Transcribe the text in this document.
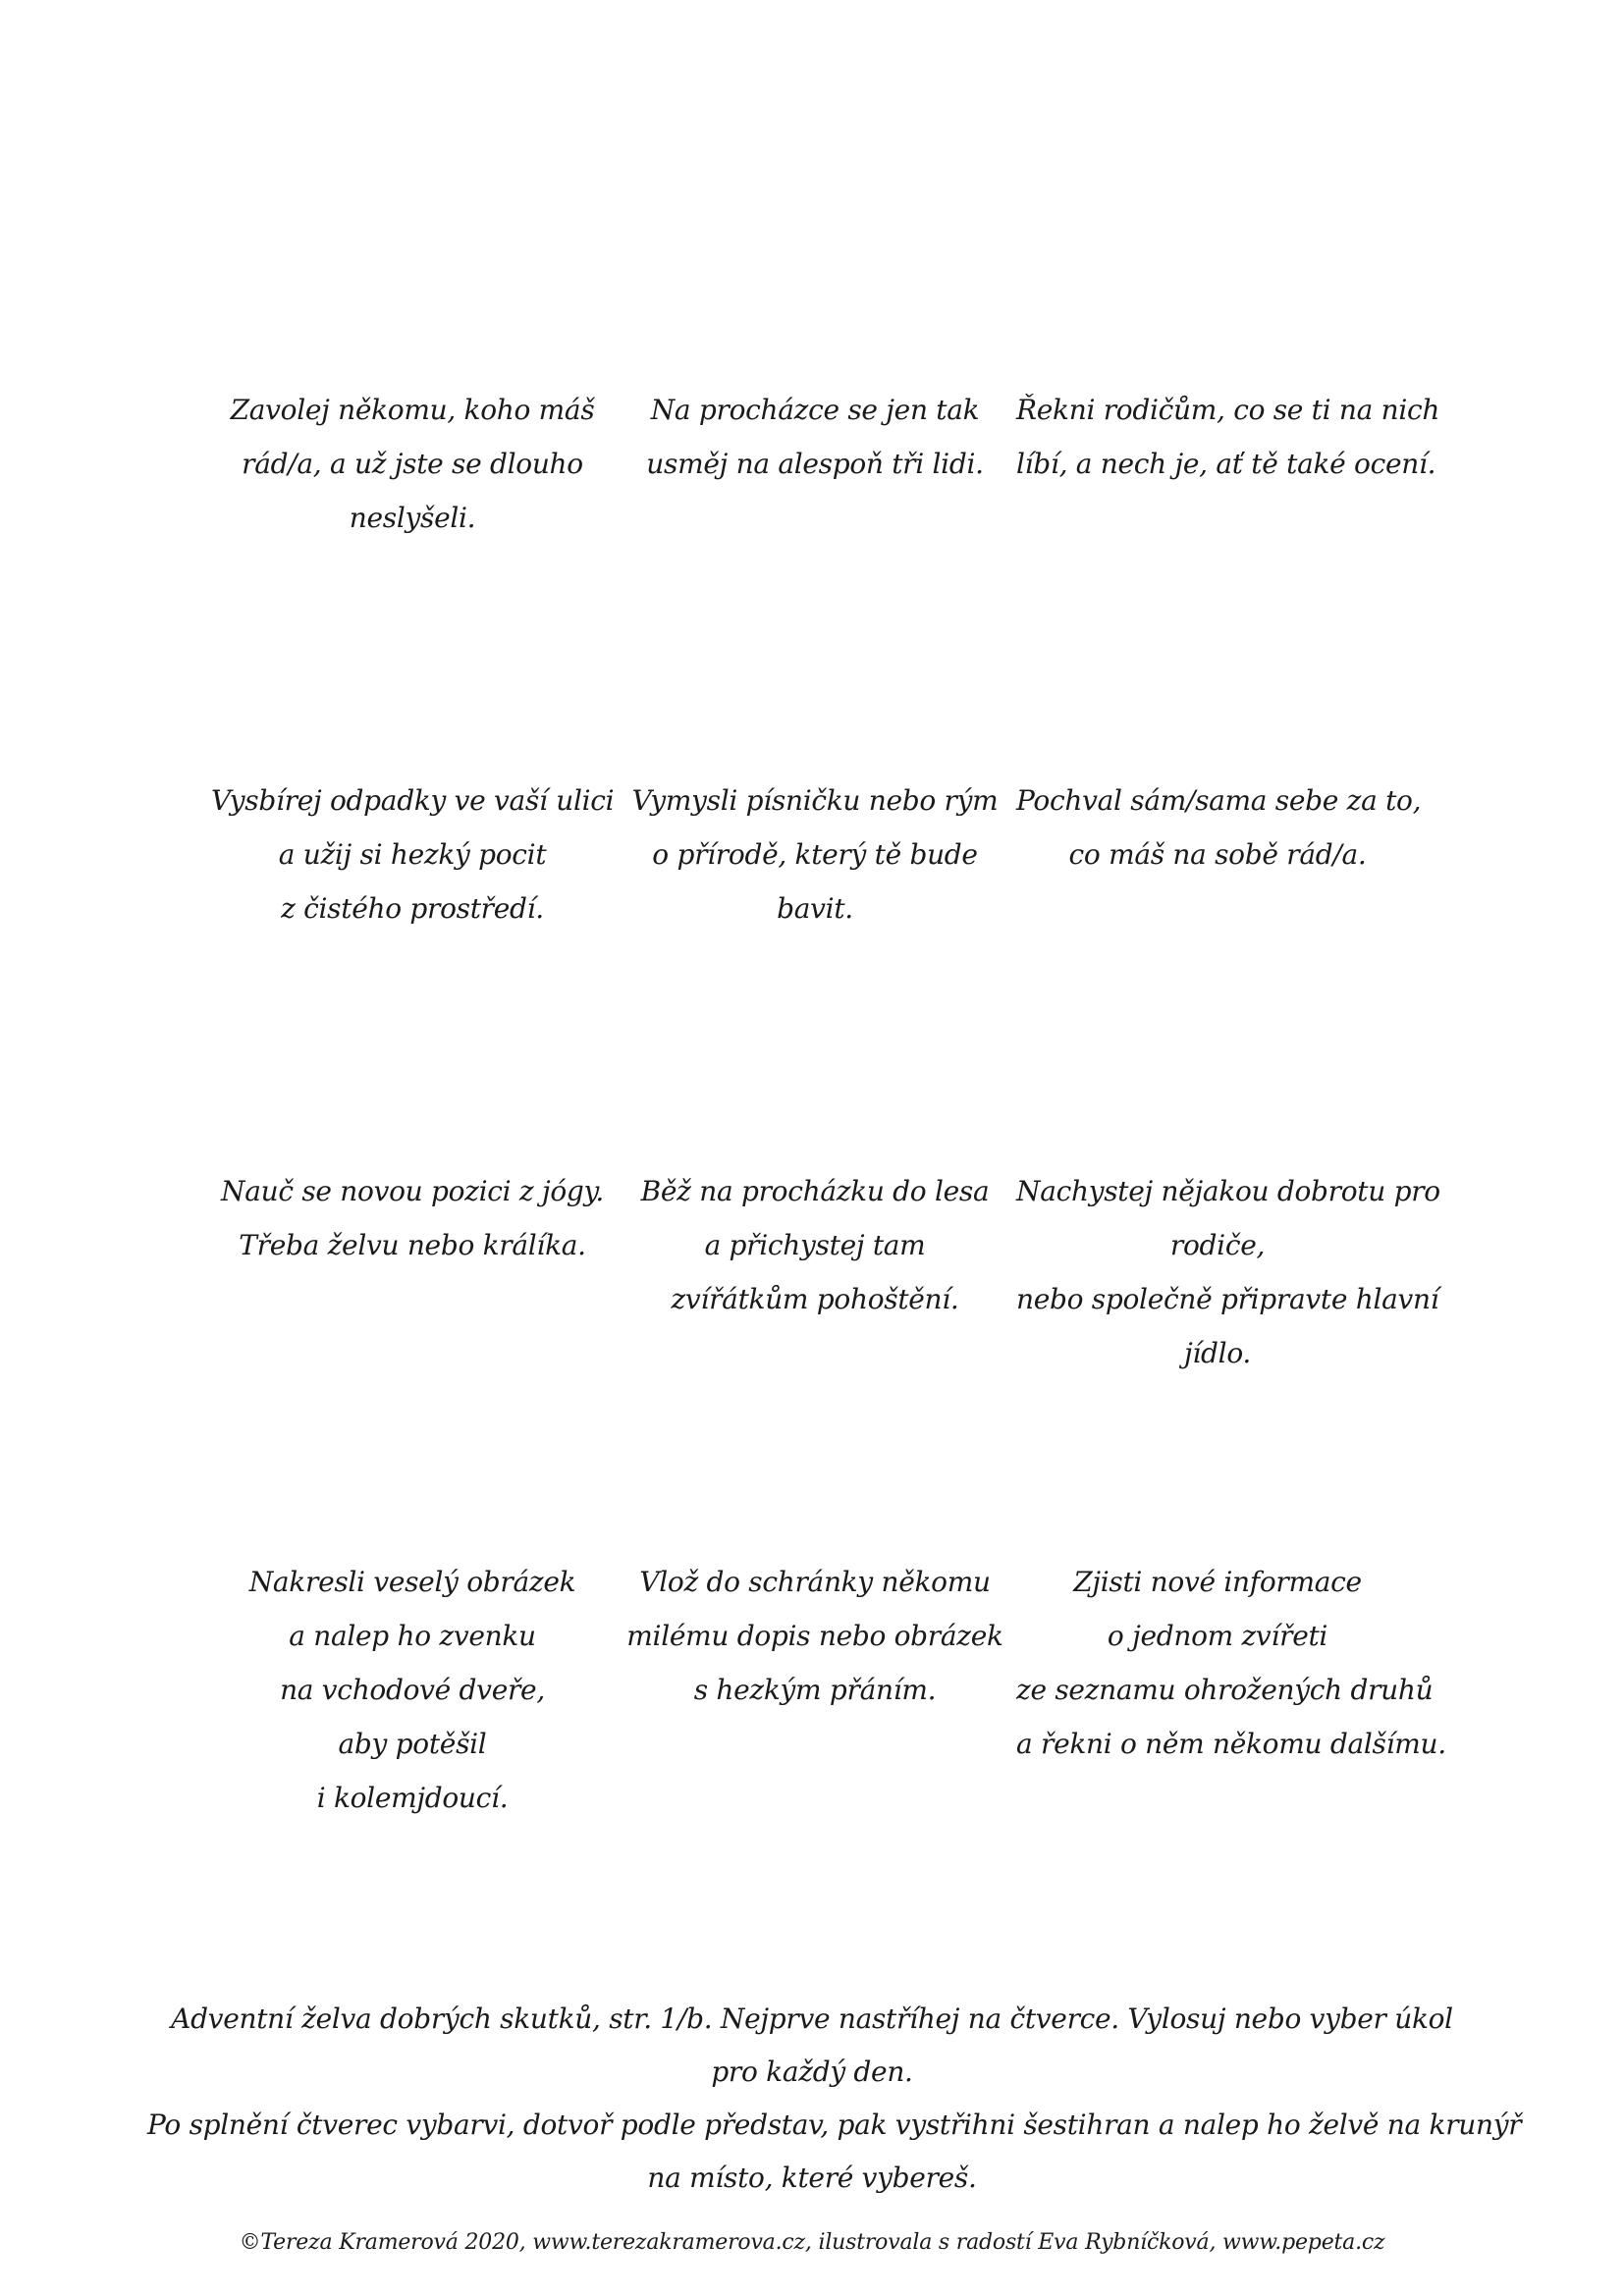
Zavolej někomu, koho máš
rád/a, a už jste se dlouho
neslyšeli.
Na procházce se jen tak
usměj na alespoň tři lidi.
Řekni rodičům, co se ti na nich
líbí, a nech je, ať tě také ocení.
Vysbírej odpadky ve vaší ulici
a užij si hezký pocit
z čistého prostředí.
Vymysli písničku nebo rým
o přírodě, který tě bude
bavit.
Pochval sám/sama sebe za to,
co máš na sobě rád/a.
Nauč se novou pozici z jógy.
Třeba želvu nebo králíka.
Běž na procházku do lesa
a přichystej tam
zvířátkům pohoštění.
Nachystej nějakou dobrotu pro
rodiče,
nebo společně připravte hlavní
jídlo.
Nakresli veselý obrázek
a nalep ho zvenku
na vchodové dveře,
aby potěšil
i kolemjdoucí.
Vlož do schránky někomu
milému dopis nebo obrázek
s hezkým přáním.
Zjisti nové informace
o jednom zvířeti
ze seznamu ohrožených druhů
a řekni o něm někomu dalšímu.
Adventní želva dobrých skutků, str. 1/b. Nejprve nastříhej na čtverce. Vylosuj nebo vyber úkol
pro každý den.
Po splnění čtverec vybarvi, dotvoř podle představ, pak vystřihni šestihran a nalep ho želvě na krunýř
na místo, které vybereš.
©Tereza Kramerová 2020, www.terezakramerova.cz, ilustrovala s radostí Eva Rybníčková, www.pepeta.cz
